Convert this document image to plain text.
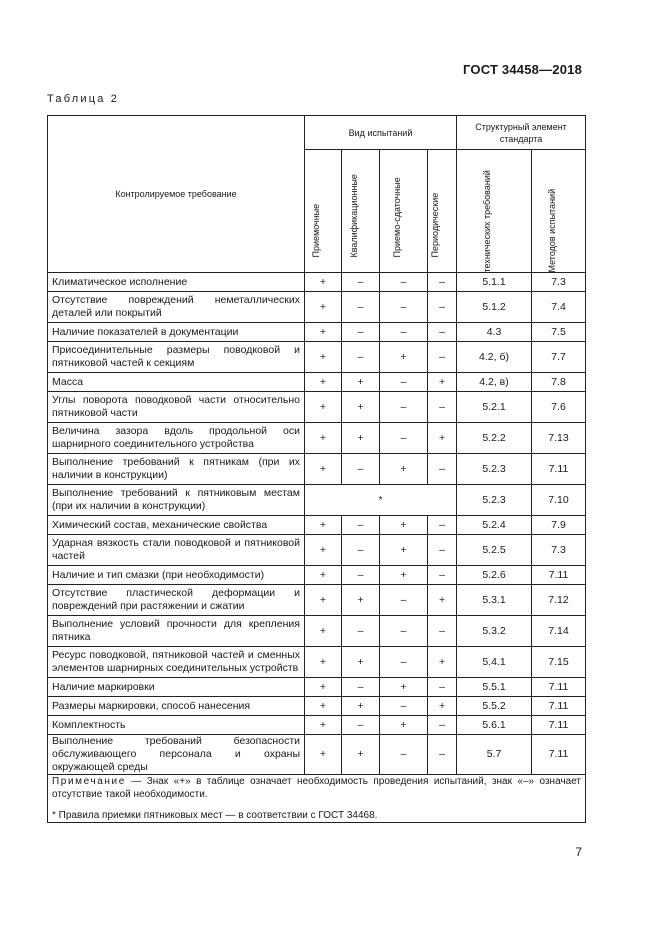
ГОСТ 34458—2018
Таблица 2
Контролируемое требование	Вид испытаний				Структурный элемент стандарта	

	Приемочные	Квалификационные	Приемо-сдаточные	Периодические	технических требований	Методов испытаний

Климатическое исполнение	+	–	–	–	5.1.1	7.3
Отсутствие повреждений неметаллических деталей или покрытий	+	–	–	–	5.1.2	7.4
Наличие показателей в документации	+	–	–	–	4.3	7.5
Присоединительные размеры поводковой и пятниковой частей к секциям	+	–	+	–	4.2, б)	7.7
Масса	+	+	–	+	4.2, в)	7.8
Углы поворота поводковой части относительно пятниковой части	+	+	–	–	5.2.1	7.6
Величина зазора вдоль продольной оси шарнирного соединительного устройства	+	+	–	+	5.2.2	7.13
Выполнение требований к пятникам (при их наличии в конструкции)	+	–	+	–	5.2.3	7.11
Выполнение требований к пятниковым местам (при их наличии в конструкции)	*				5.2.3	7.10
Химический состав, механические свойства	+	–	+	–	5.2.4	7.9
Ударная вязкость стали поводковой и пятниковой частей	+	–	+	–	5.2.5	7.3
Наличие и тип смазки (при необходимости)	+	–	+	–	5.2.6	7.11
Отсутствие пластической деформации и повреждений при растяжении и сжатии	+	+	–	+	5.3.1	7.12
Выполнение условий прочности для крепления пятника	+	–	–	–	5.3.2	7.14
Ресурс поводковой, пятниковой частей и сменных элементов шарнирных соединительных устройств	+	+	–	+	5.4.1	7.15
Наличие маркировки	+	–	+	–	5.5.1	7.11
Размеры маркировки, способ нанесения	+	+	–	+	5.5.2	7.11
Комплектность	+	–	+	–	5.6.1	7.11
Выполнение требований безопасности обслуживающего персонала и охраны окружающей среды	+	+	–	–	5.7	7.11

Примечание — Знак «+» в таблице означает необходимость проведения испытаний, знак «–» означает отсутствие такой необходимости.
* Правила приемки пятниковых мест — в соответствии с ГОСТ 34468.						
7
